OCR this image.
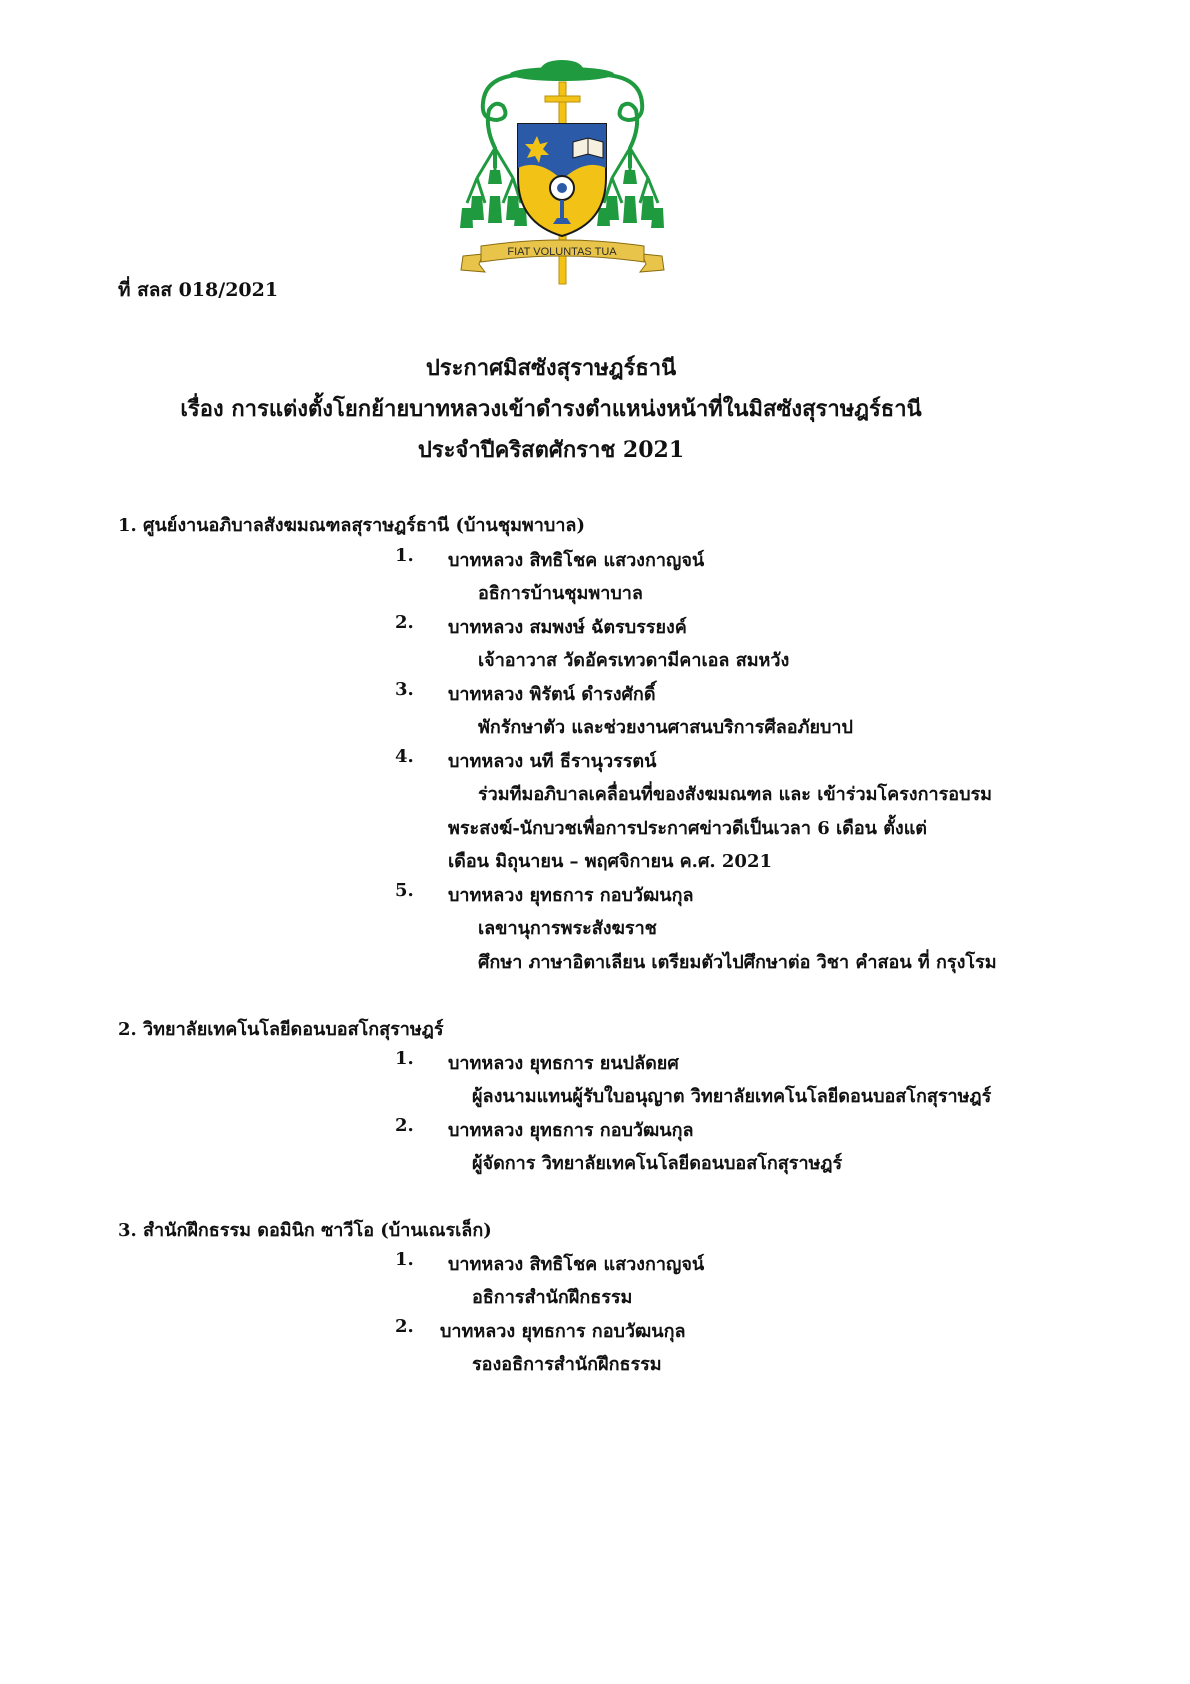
FIAT VOLUNTAS TUA
ที่ สลส 018/2021
ประกาศมิสซังสุราษฎร์ธานี
เรื่อง การแต่งตั้งโยกย้ายบาทหลวงเข้าดำรงตำแหน่งหน้าที่ในมิสซังสุราษฎร์ธานี
ประจำปีคริสตศักราช 2021
1. ศูนย์งานอภิบาลสังฆมณฑลสุราษฎร์ธานี (บ้านชุมพาบาล)
1. บาทหลวง สิทธิโชค แสวงกาญจน์
อธิการบ้านชุมพาบาล
2. บาทหลวง สมพงษ์ ฉัตรบรรยงค์
เจ้าอาวาส วัดอัครเทวดามีคาเอล สมหวัง
3. บาทหลวง พิรัตน์ ดำรงศักดิ์
พักรักษาตัว และช่วยงานศาสนบริการศีลอภัยบาป
4. บาทหลวง นที ธีรานุวรรตน์
ร่วมทีมอภิบาลเคลื่อนที่ของสังฆมณฑล และ เข้าร่วมโครงการอบรม
พระสงฆ์-นักบวชเพื่อการประกาศข่าวดีเป็นเวลา 6 เดือน ตั้งแต่
เดือน มิถุนายน – พฤศจิกายน ค.ศ. 2021
5. บาทหลวง ยุทธการ กอบวัฒนกุล
เลขานุการพระสังฆราช
ศึกษา ภาษาอิตาเลียน เตรียมตัวไปศึกษาต่อ วิชา คำสอน ที่ กรุงโรม
2. วิทยาลัยเทคโนโลยีดอนบอสโกสุราษฎร์
1. บาทหลวง ยุทธการ ยนปลัดยศ
ผู้ลงนามแทนผู้รับใบอนุญาต วิทยาลัยเทคโนโลยีดอนบอสโกสุราษฎร์
2. บาทหลวง ยุทธการ กอบวัฒนกุล
ผู้จัดการ วิทยาลัยเทคโนโลยีดอนบอสโกสุราษฎร์
3. สำนักฝึกธรรม ดอมินิก ซาวีโอ (บ้านเณรเล็ก)
1. บาทหลวง สิทธิโชค แสวงกาญจน์
อธิการสำนักฝึกธรรม
2. บาทหลวง ยุทธการ กอบวัฒนกุล
รองอธิการสำนักฝึกธรรม
